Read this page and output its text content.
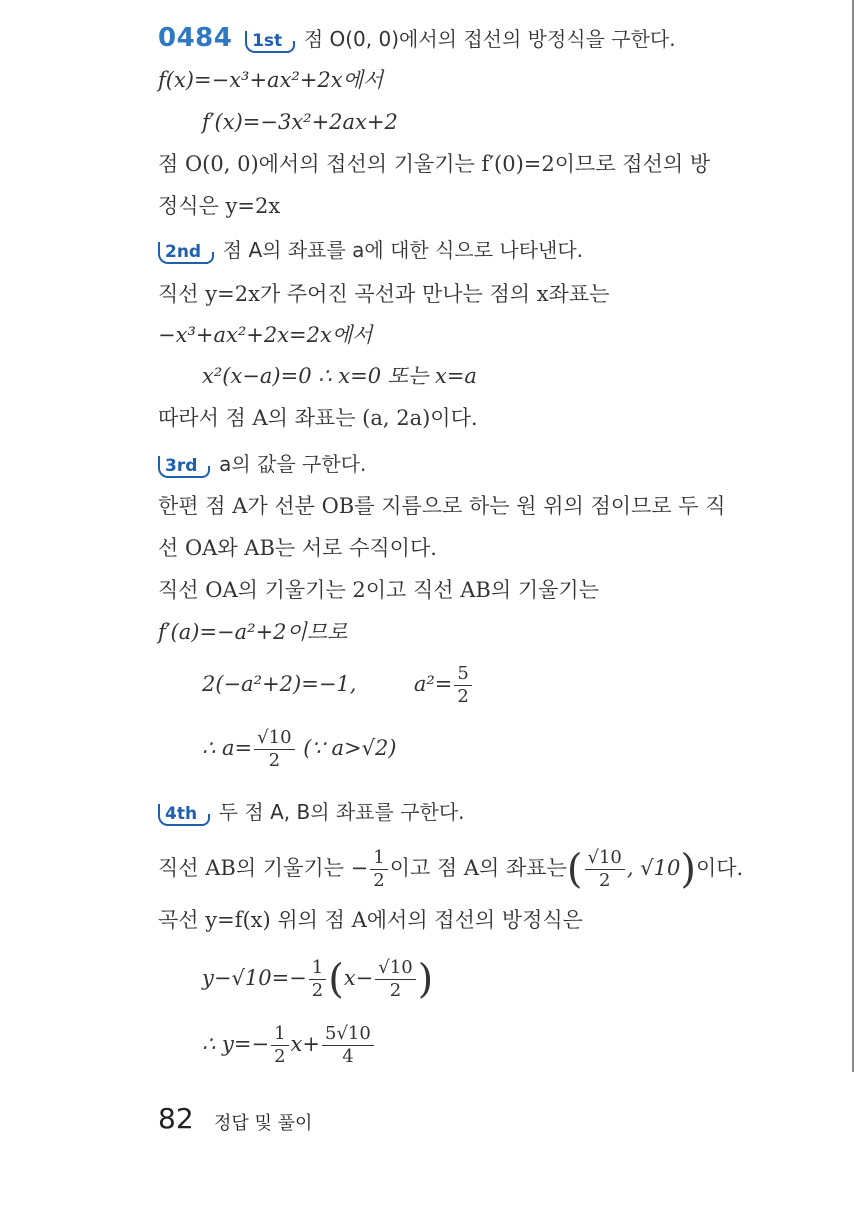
0484 1st 점 O(0, 0)에서의 접선의 방정식을 구한다.
f(x)=−x³+ax²+2x에서
f′(x)=−3x²+2ax+2
점 O(0, 0)에서의 접선의 기울기는 f′(0)=2이므로 접선의 방
정식은 y=2x
2nd 점 A의 좌표를 a에 대한 식으로 나타낸다.
직선 y=2x가 주어진 곡선과 만나는 점의 x좌표는
−x³+ax²+2x=2x에서
x²(x−a)=0 ∴ x=0 또는 x=a
따라서 점 A의 좌표는 (a, 2a)이다.
3rd a의 값을 구한다.
한편 점 A가 선분 OB를 지름으로 하는 원 위의 점이므로 두 직
선 OA와 AB는 서로 수직이다.
직선 OA의 기울기는 2이고 직선 AB의 기울기는
f′(a)=−a²+2이므로
2(−a²+2)=−1,	$a^2= \frac{5}{2}$
∴ $a= \frac{√10}{2}$ (∵ a>√2)
4th 두 점 A, B의 좌표를 구한다.
직선 AB의 기울기는 − $\frac{1}{2}$ 이고 점 A의 좌표는( $\frac{√10}{2}$ , √10)이다.
곡선 y=f(x) 위의 점 A에서의 접선의 방정식은
$y-√10=- \frac{1}{2} (x- \frac{√10}{2}$ )
∴ $y=- \frac{1}{2} x+ \frac{5√10}{4}$
82 정답 및 풀이
